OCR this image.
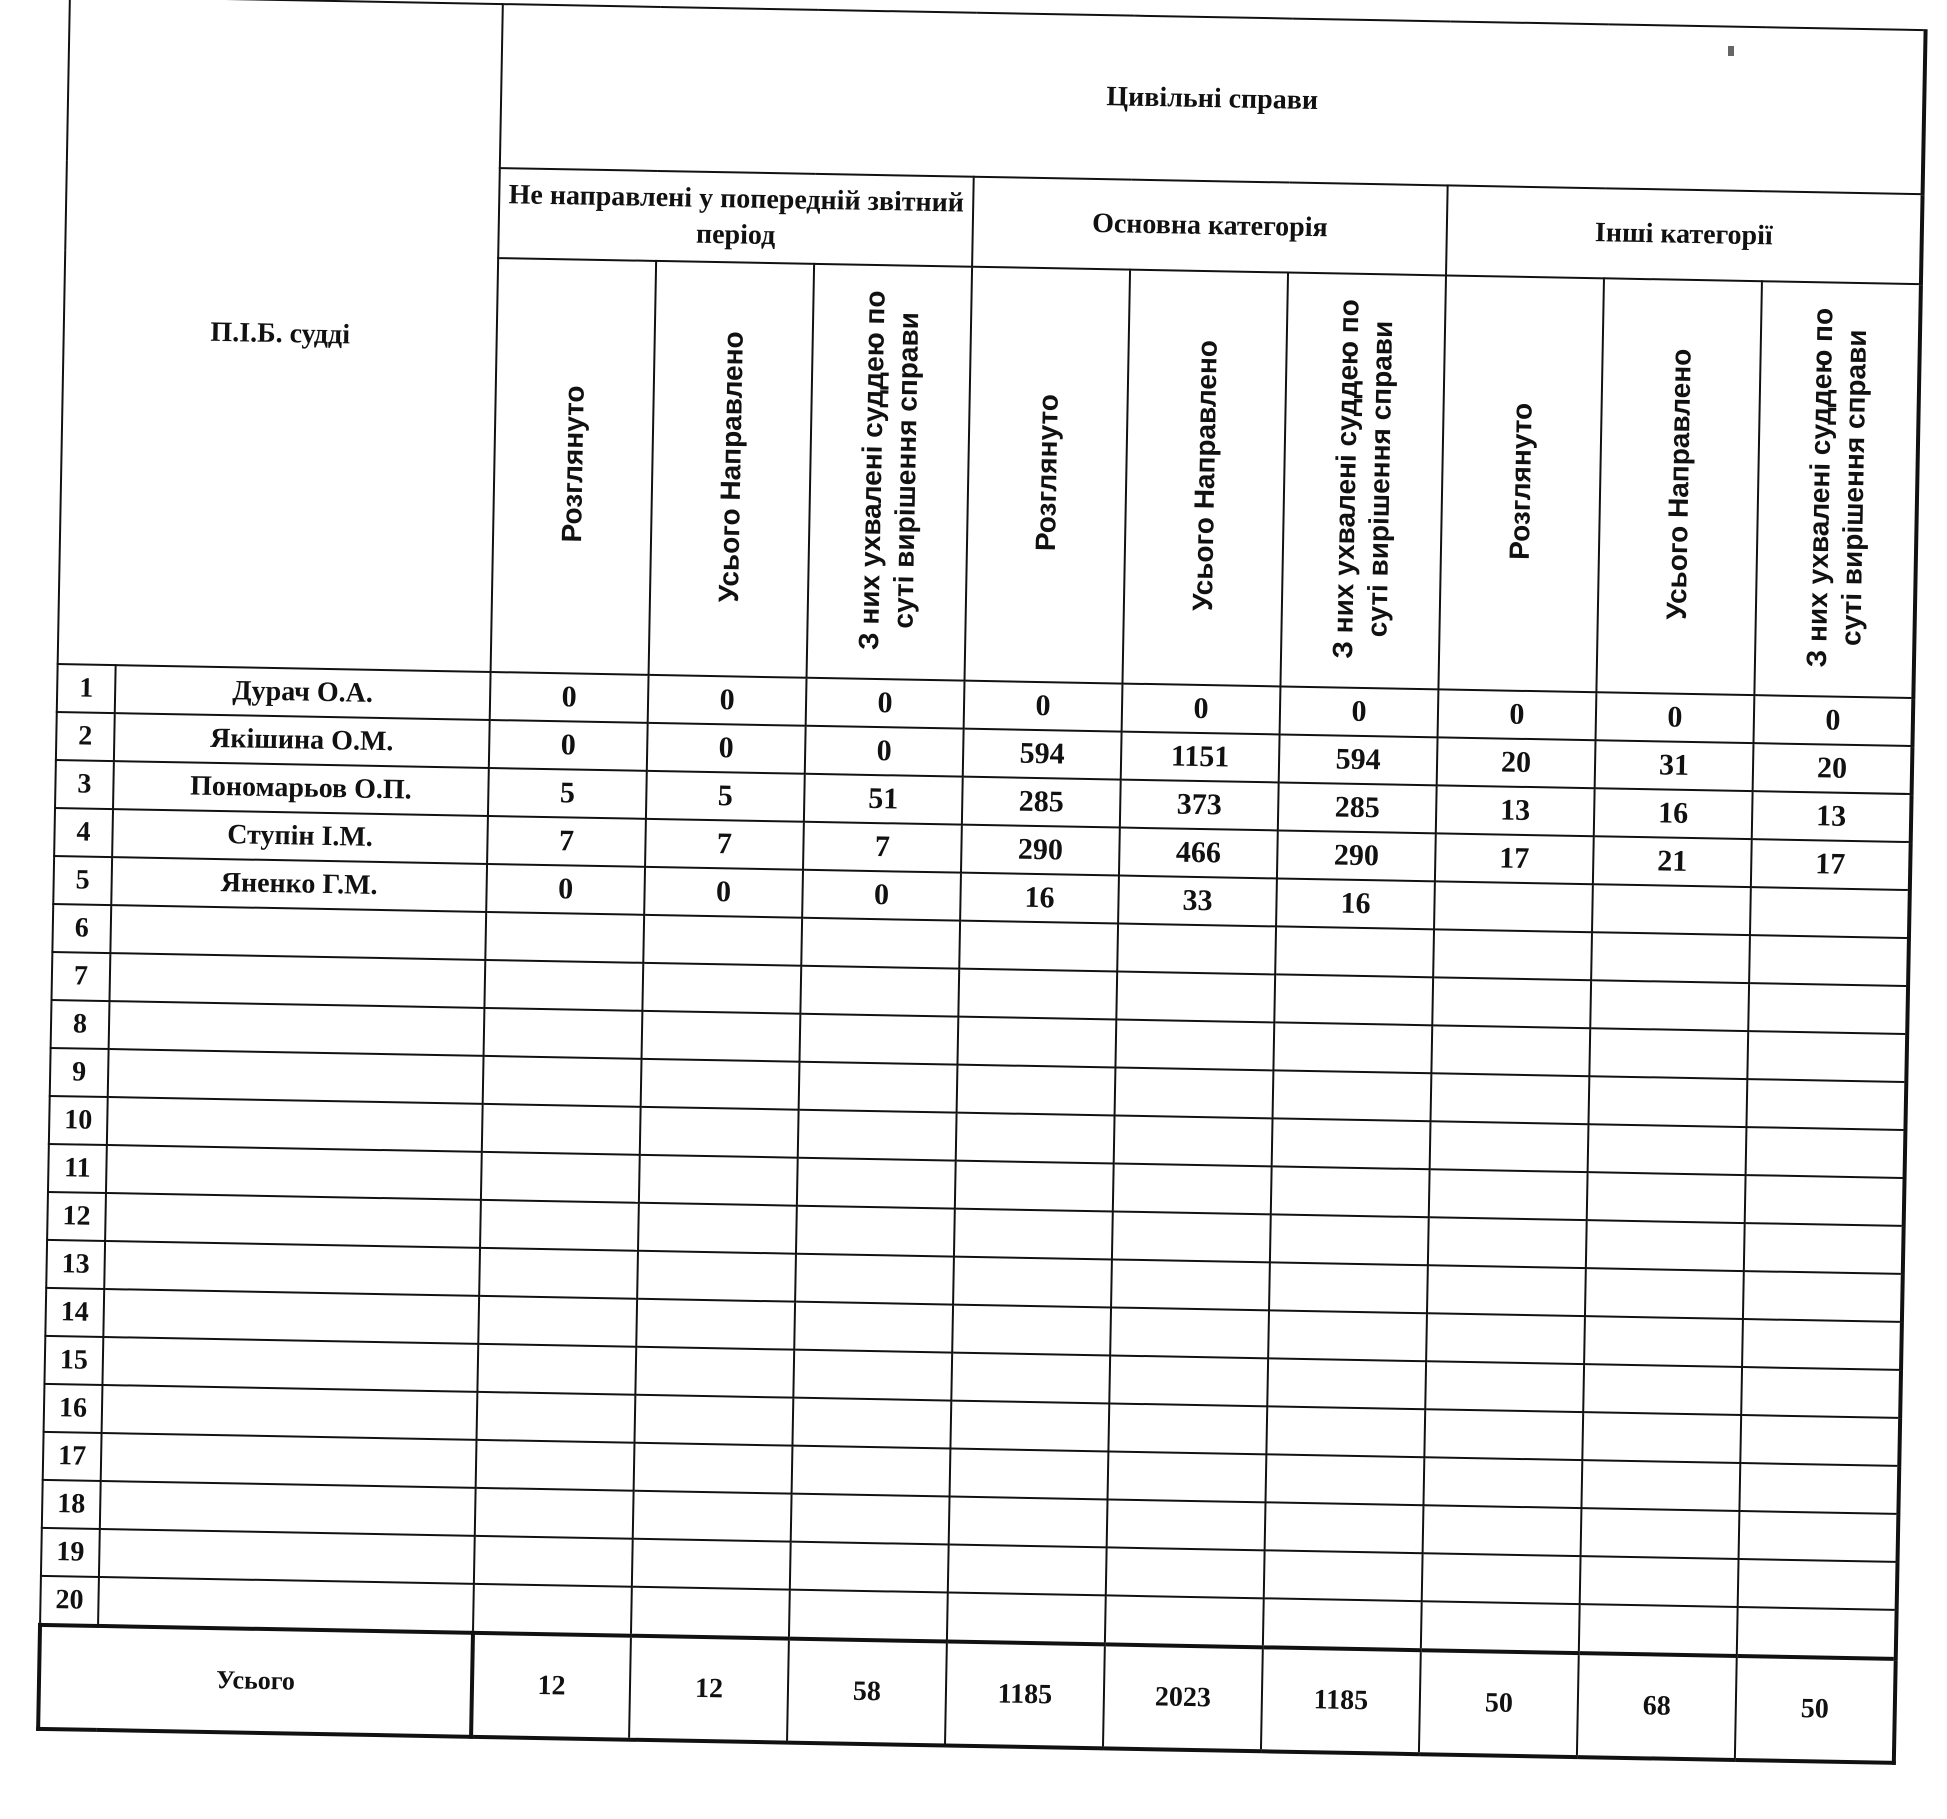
П.І.Б. судді		Цивільні справи								
		Не направлені у попередній звітний період			Основна категорія			Інші категорії		
		Розглянуто	Усього Направлено	З них ухвалені суддею по суті вирішення справи	Розглянуто	Усього Направлено	З них ухвалені суддею по суті вирішення справи	Розглянуто	Усього Направлено	З них ухвалені суддею по суті вирішення справи
1	Дурач О.А.	0	0	0	0	0	0	0	0	0
2	Якішина О.М.	0	0	0	594	1151	594	20	31	20
3	Пономарьов О.П.	5	5	51	285	373	285	13	16	13
4	Ступін І.М.	7	7	7	290	466	290	17	21	17
5	Яненко Г.М.	0	0	0	16	33	16			
6										
7										
8										
9										
10										
11										
12										
13										
14										
15										
16										
17										
18										
19										
20										
Усього		12	12	58	1185	2023	1185	50	68	50
